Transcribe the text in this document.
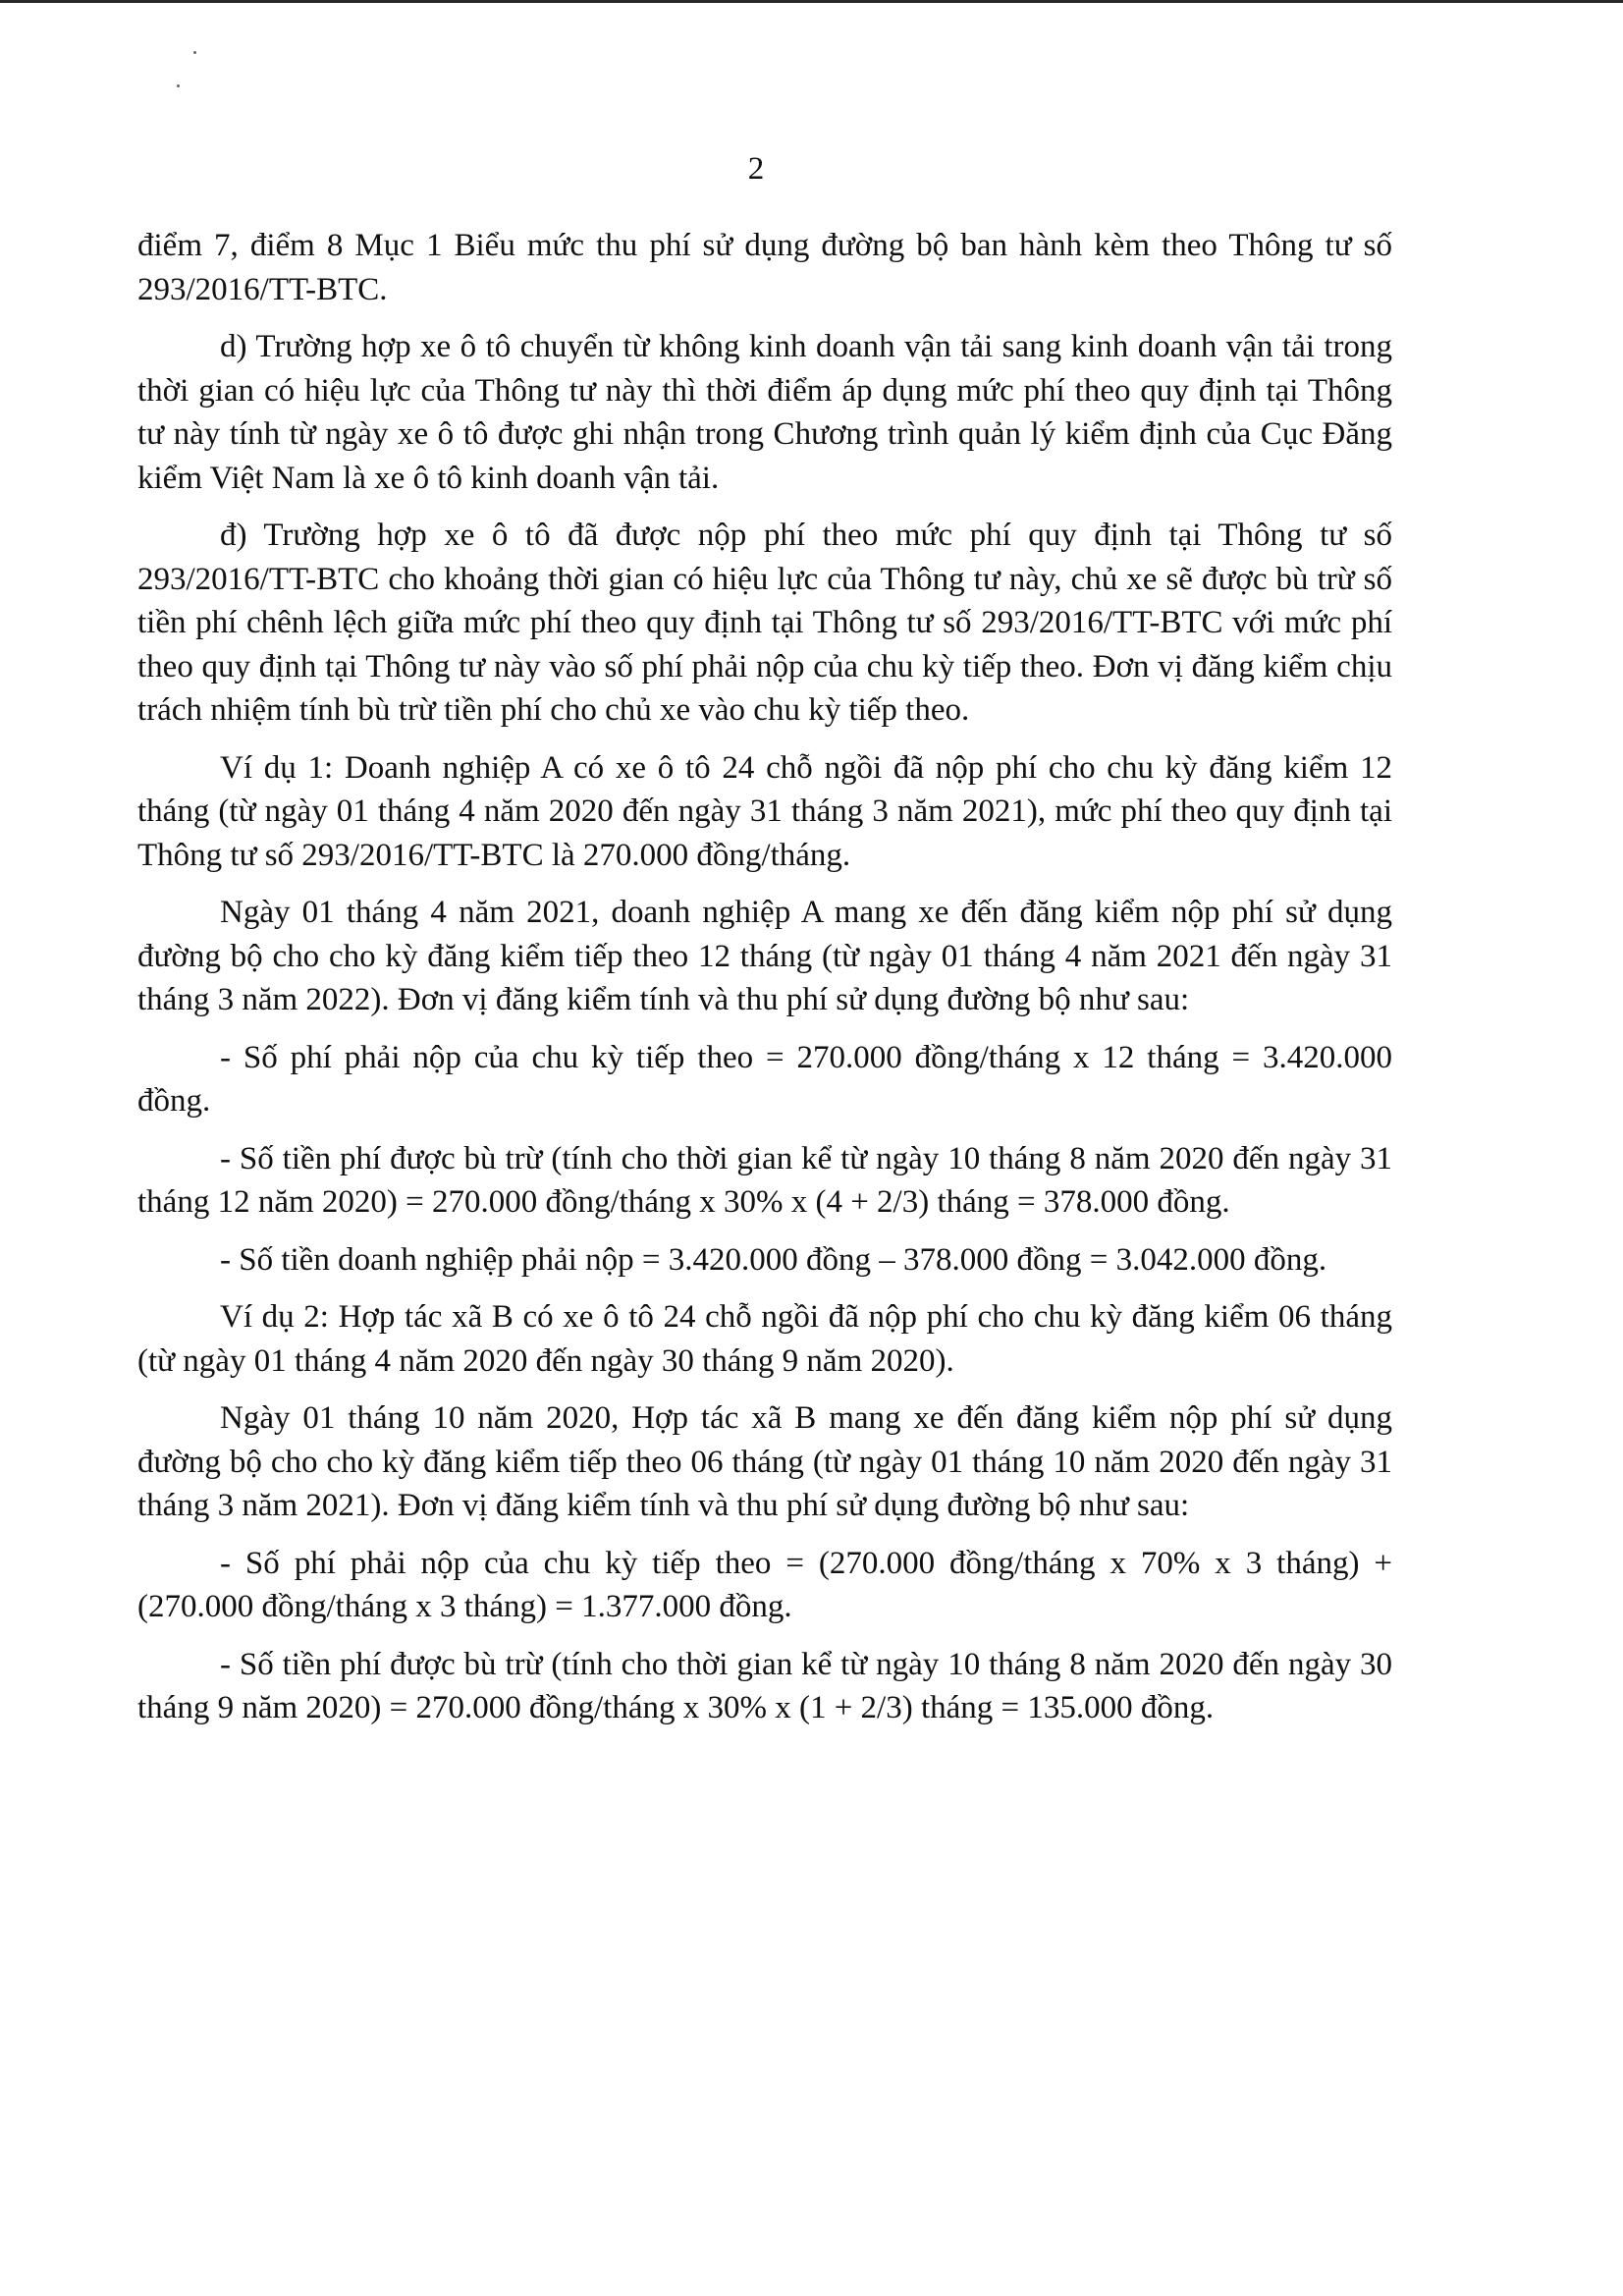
2

điểm 7, điểm 8 Mục 1 Biểu mức thu phí sử dụng đường bộ ban hành kèm theo Thông tư số 293/2016/TT-BTC.

d) Trường hợp xe ô tô chuyển từ không kinh doanh vận tải sang kinh doanh vận tải trong thời gian có hiệu lực của Thông tư này thì thời điểm áp dụng mức phí theo quy định tại Thông tư này tính từ ngày xe ô tô được ghi nhận trong Chương trình quản lý kiểm định của Cục Đăng kiểm Việt Nam là xe ô tô kinh doanh vận tải.

đ) Trường hợp xe ô tô đã được nộp phí theo mức phí quy định tại Thông tư số 293/2016/TT-BTC cho khoảng thời gian có hiệu lực của Thông tư này, chủ xe sẽ được bù trừ số tiền phí chênh lệch giữa mức phí theo quy định tại Thông tư số 293/2016/TT-BTC với mức phí theo quy định tại Thông tư này vào số phí phải nộp của chu kỳ tiếp theo. Đơn vị đăng kiểm chịu trách nhiệm tính bù trừ tiền phí cho chủ xe vào chu kỳ tiếp theo.

Ví dụ 1: Doanh nghiệp A có xe ô tô 24 chỗ ngồi đã nộp phí cho chu kỳ đăng kiểm 12 tháng (từ ngày 01 tháng 4 năm 2020 đến ngày 31 tháng 3 năm 2021), mức phí theo quy định tại Thông tư số 293/2016/TT-BTC là 270.000 đồng/tháng.

Ngày 01 tháng 4 năm 2021, doanh nghiệp A mang xe đến đăng kiểm nộp phí sử dụng đường bộ cho cho kỳ đăng kiểm tiếp theo 12 tháng (từ ngày 01 tháng 4 năm 2021 đến ngày 31 tháng 3 năm 2022). Đơn vị đăng kiểm tính và thu phí sử dụng đường bộ như sau:

- Số phí phải nộp của chu kỳ tiếp theo = 270.000 đồng/tháng x 12 tháng = 3.420.000 đồng.

- Số tiền phí được bù trừ (tính cho thời gian kể từ ngày 10 tháng 8 năm 2020 đến ngày 31 tháng 12 năm 2020) = 270.000 đồng/tháng x 30% x (4 + 2/3) tháng = 378.000 đồng.

- Số tiền doanh nghiệp phải nộp = 3.420.000 đồng – 378.000 đồng = 3.042.000 đồng.

Ví dụ 2: Hợp tác xã B có xe ô tô 24 chỗ ngồi đã nộp phí cho chu kỳ đăng kiểm 06 tháng (từ ngày 01 tháng 4 năm 2020 đến ngày 30 tháng 9 năm 2020).

Ngày 01 tháng 10 năm 2020, Hợp tác xã B mang xe đến đăng kiểm nộp phí sử dụng đường bộ cho cho kỳ đăng kiểm tiếp theo 06 tháng (từ ngày 01 tháng 10 năm 2020 đến ngày 31 tháng 3 năm 2021). Đơn vị đăng kiểm tính và thu phí sử dụng đường bộ như sau:

- Số phí phải nộp của chu kỳ tiếp theo = (270.000 đồng/tháng x 70% x 3 tháng) + (270.000 đồng/tháng x 3 tháng) = 1.377.000 đồng.

- Số tiền phí được bù trừ (tính cho thời gian kể từ ngày 10 tháng 8 năm 2020 đến ngày 30 tháng 9 năm 2020) = 270.000 đồng/tháng x 30% x (1 + 2/3) tháng = 135.000 đồng.
